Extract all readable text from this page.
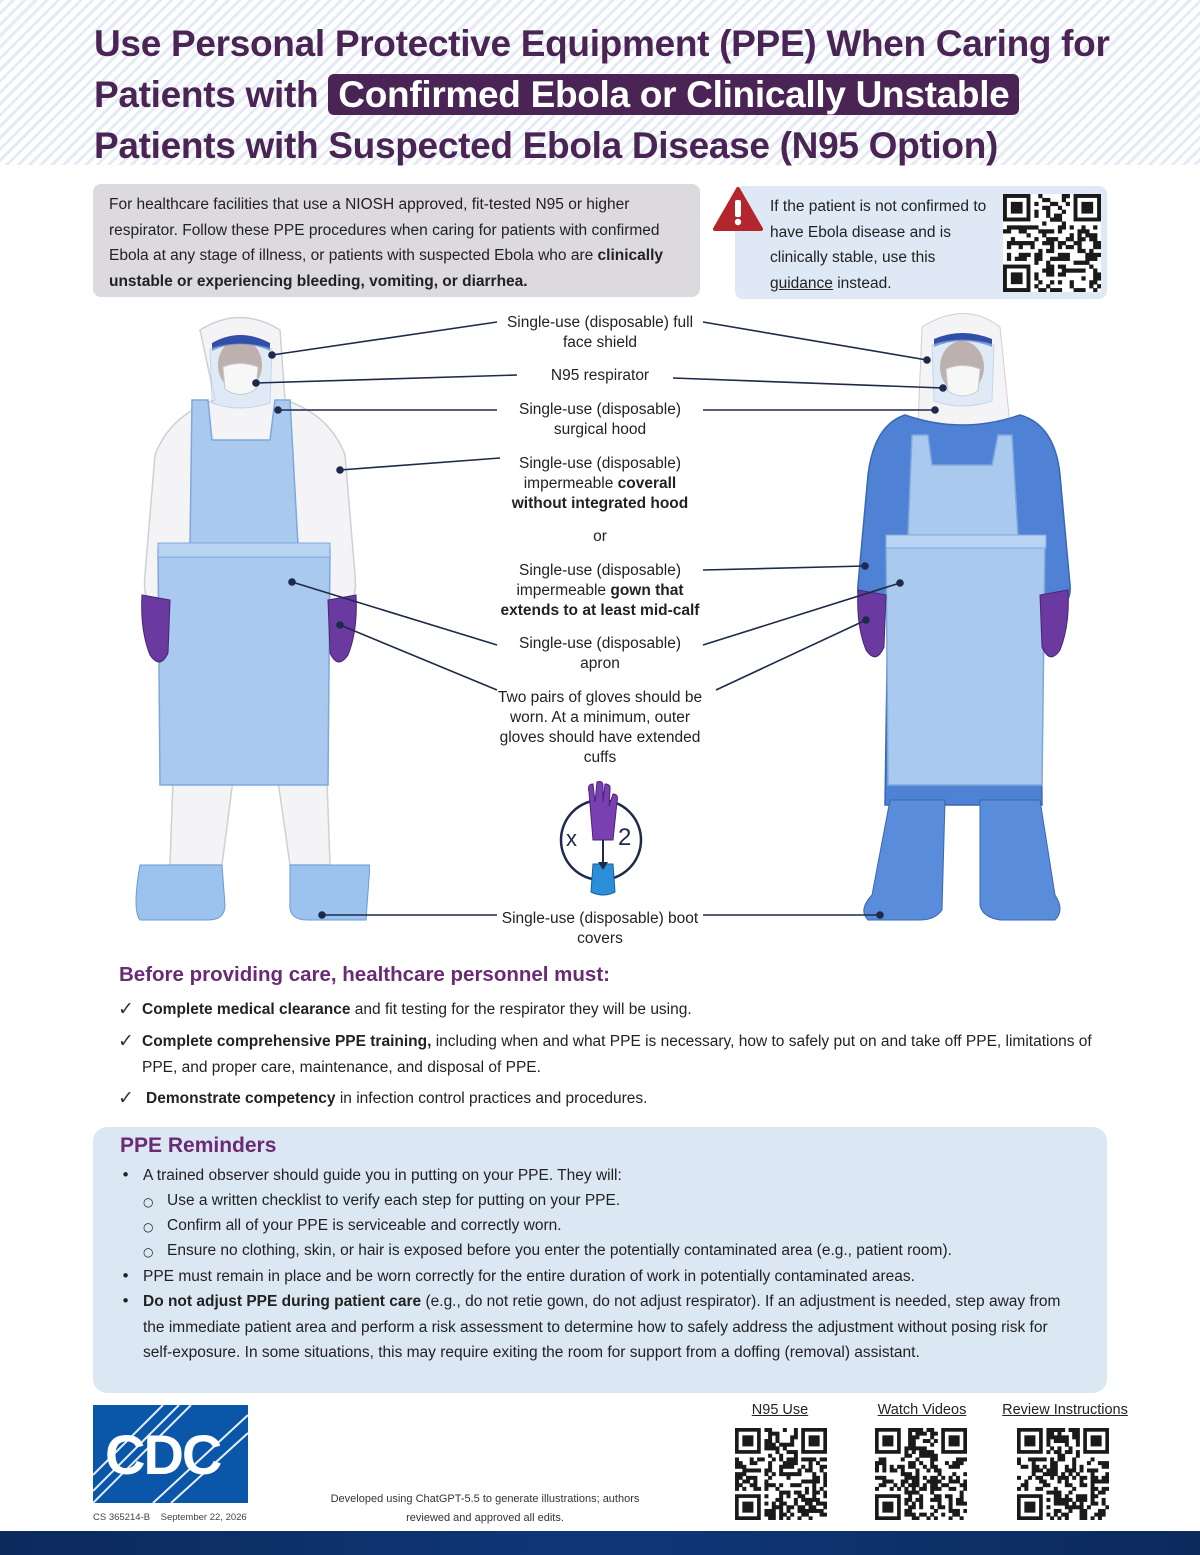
Use Personal Protective Equipment (PPE) When Caring for Patients with Confirmed Ebola or Clinically Unstable
Patients with Suspected Ebola Disease (N95 Option)
For healthcare facilities that use a NIOSH approved, fit-tested N95 or higher respirator. Follow these PPE procedures when caring for patients with confirmed Ebola at any stage of illness, or patients with suspected Ebola who are clinically unstable or experiencing bleeding, vomiting, or diarrhea.
If the patient is not confirmed to have Ebola disease and is clinically stable, use this guidance instead.
Single-use (disposable) full face shield
N95 respirator
Single-use (disposable) surgical hood
Single-use (disposable) impermeable coverall without integrated hood
or
Single-use (disposable) impermeable gown that extends to at least mid-calf
Single-use (disposable) apron
Two pairs of gloves should be worn. At a minimum, outer gloves should have extended cuffs
x 2
Single-use (disposable) boot covers
Before providing care, healthcare personnel must:
✓ Complete medical clearance and fit testing for the respirator they will be using.
✓ Complete comprehensive PPE training, including when and what PPE is necessary, how to safely put on and take off PPE, limitations of PPE, and proper care, maintenance, and disposal of PPE.
✓ Demonstrate competency in infection control practices and procedures.
PPE Reminders
• A trained observer should guide you in putting on your PPE. They will:
○ Use a written checklist to verify each step for putting on your PPE.
○ Confirm all of your PPE is serviceable and correctly worn.
○ Ensure no clothing, skin, or hair is exposed before you enter the potentially contaminated area (e.g., patient room).
• PPE must remain in place and be worn correctly for the entire duration of work in potentially contaminated areas.
• Do not adjust PPE during patient care (e.g., do not retie gown, do not adjust respirator). If an adjustment is needed, step away from the immediate patient area and perform a risk assessment to determine how to safely address the adjustment without posing risk for self-exposure. In some situations, this may require exiting the room for support from a doffing (removal) assistant.
CDC
CS 365214-B September 22, 2026
Developed using ChatGPT-5.5 to generate illustrations; authors reviewed and approved all edits.
N95 Use	Watch Videos	Review Instructions
